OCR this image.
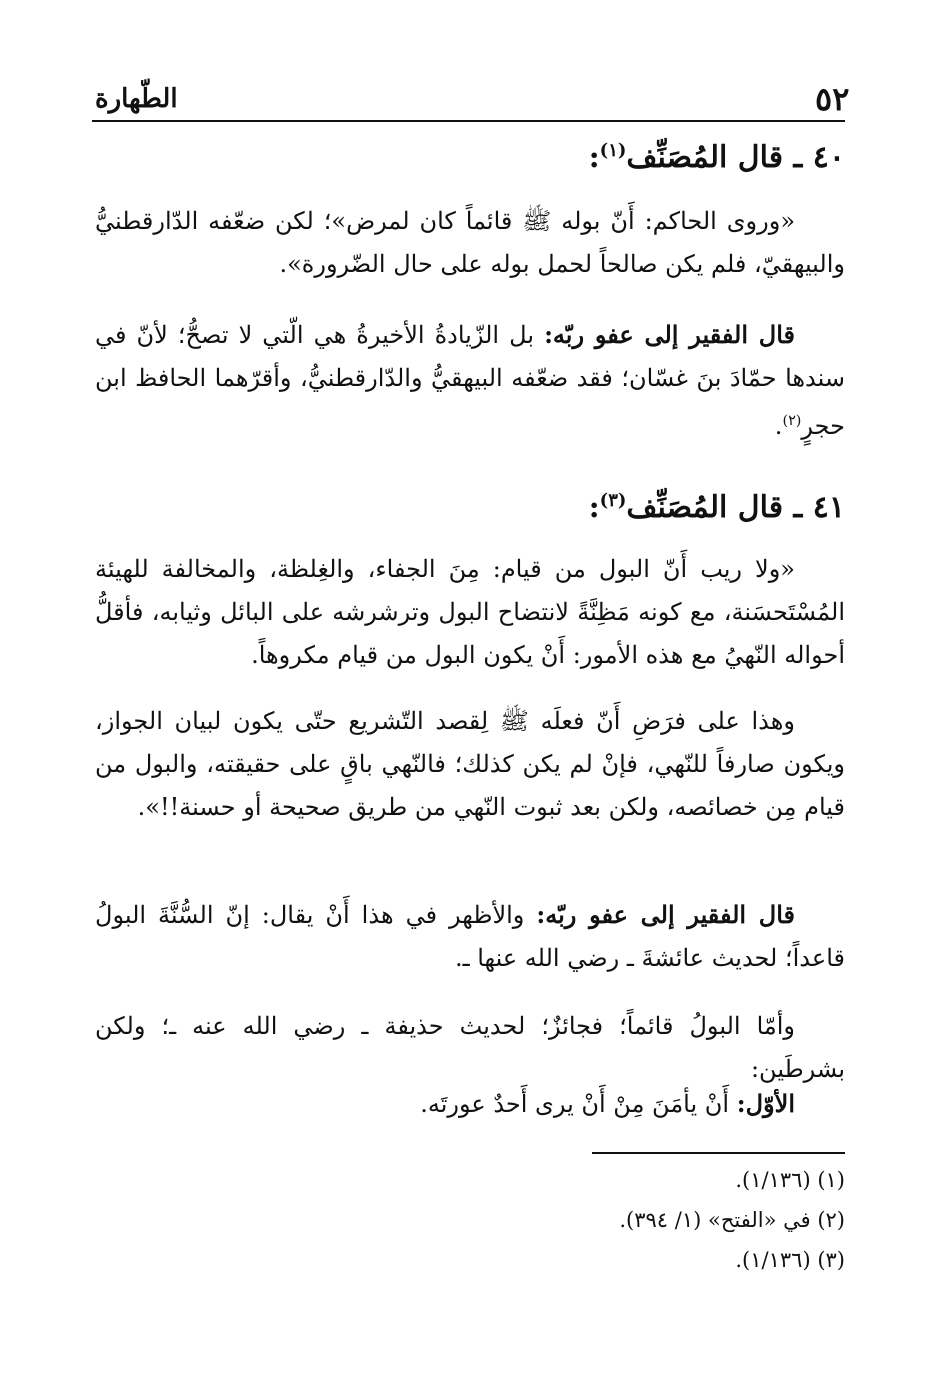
٥٢
الطّهارة
٤٠ ـ قال المُصَنِّف$^{(١)}$:
«وروى الحاكم: أَنّ بوله ﷺ قائماً كان لمرض»؛ لكن ضعّفه الدّارقطنيُّ والبيهقيّ، فلم يكن صالحاً لحمل بوله على حال الضّرورة».
قال الفقير إلى عفو ربّه: بل الزّيادةُ الأخيرةُ هي الّتي لا تصحُّ؛ لأنّ في سندها حمّادَ بنَ غسّان؛ فقد ضعّفه البيهقيُّ والدّارقطنيُّ، وأقرّهما الحافظ ابن حجرٍ$^{(٢)}$.
٤١ ـ قال المُصَنِّف$^{(٣)}$:
«ولا ريب أَنّ البول من قيام: مِنَ الجفاء، والغِلظة، والمخالفة للهيئة المُسْتَحسَنة، مع كونه مَظِنَّةً لانتضاح البول وترشرشه على البائل وثيابه، فأقلُّ أحواله النّهيُ مع هذه الأمور: أَنْ يكون البول من قيام مكروهاً.
وهذا على فرَضِ أَنّ فعلَه ﷺ لِقصد التّشريع حتّى يكون لبيان الجواز، ويكون صارفاً للنّهي، فإنْ لم يكن كذلك؛ فالنّهي باقٍ على حقيقته، والبول من قيام مِن خصائصه، ولكن بعد ثبوت النّهي من طريق صحيحة أو حسنة!!».
قال الفقير إلى عفو ربّه: والأظهر في هذا أَنْ يقال: إنّ السُّنَّةَ البولُ قاعداً؛ لحديث عائشةَ ـ رضي الله عنها ـ.
وأمّا البولُ قائماً؛ فجائزٌ؛ لحديث حذيفة ـ رضي الله عنه ـ؛ ولكن بشرطَين:
الأوّل: أَنْ يأمَنَ مِنْ أَنْ يرى أَحدٌ عورتَه.
(١) (١/١٣٦).
(٢) في «الفتح» (١/ ٣٩٤).
(٣) (١/١٣٦).
